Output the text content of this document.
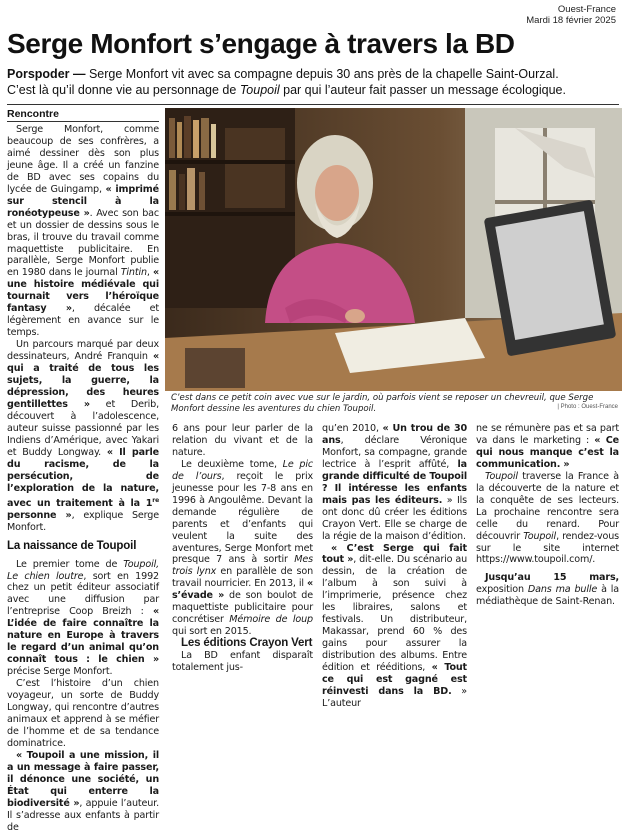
Ouest-France
Mardi 18 février 2025
Serge Monfort s’engage à travers la BD
Porspoder — Serge Monfort vit avec sa compagne depuis 30 ans près de la chapelle Saint-Ourzal.
C’est là qu’il donne vie au personnage de Toupoil par qui l’auteur fait passer un message écologique.
Rencontre

Serge Monfort, comme beaucoup de ses confrères, a aimé dessiner dès son plus jeune âge. Il a créé un fanzine de BD avec ses copains du lycée de Guingamp, « imprimé sur stencil à la ronéotypeuse ». Avec son bac et un dossier de dessins sous le bras, il trouve du travail comme maquettiste publicitaire. En parallèle, Serge Monfort publie en 1980 dans le journal Tintin, « une histoire médiévale qui tournait vers l’héroïque fantasy », décalée et légèrement en avance sur le temps.

Un parcours marqué par deux dessinateurs, André Franquin « qui a traité de tous les sujets, la guerre, la dépression, des heures gentillettes » et Derib, découvert à l’adolescence, auteur suisse passionné par les Indiens d’Amérique, avec Yakari et Buddy Longway. « Il parle du racisme, de la persécution, de l’exploration de la nature, avec un traitement à la 1re personne », explique Serge Monfort.

La naissance de Toupoil

Le premier tome de Toupoil, Le chien loutre, sort en 1992 chez un petit éditeur associatif avec une diffusion par l’entreprise Coop Breizh : « L’idée de faire connaître la nature en Europe à travers le regard d’un animal qu’on connaît tous : le chien » précise Serge Monfort.

C’est l’histoire d’un chien voyageur, un sorte de Buddy Longway, qui rencontre d’autres animaux et apprend à se méfier de l’homme et de sa tendance dominatrice.

« Toupoil a une mission, il a un message à faire passer, il dénonce une société, un État qui enterre la biodiversité », appuie l’auteur. Il s’adresse aux enfants à partir de

C’est dans ce petit coin avec vue sur le jardin, où parfois vient se reposer un chevreuil, que Serge Monfort dessine les aventures du chien Toupoil.	| Photo : Ouest-France

6 ans pour leur parler de la relation du vivant et de la nature.

Le deuxième tome, Le pic de l’ours, reçoit le prix jeunesse pour les 7-8 ans en 1996 à Angoulême. Devant la demande régulière de parents et d’enfants qui veulent la suite des aventures, Serge Monfort met presque 7 ans à sortir Mes trois lynx en parallèle de son travail nourricier. En 2013, il « s’évade » de son boulot de maquettiste publicitaire pour concrétiser Mémoire de loup qui sort en 2015.

Les éditions Crayon Vert

La BD enfant disparaît totalement jus-

qu’en 2010, « Un trou de 30 ans, déclare Véronique Monfort, sa compagne, grande lectrice à l’esprit affûté, la grande difficulté de Toupoil ? Il intéresse les enfants mais pas les éditeurs. » Ils ont donc dû créer les éditions Crayon Vert. Elle se charge de la régie de la maison d’édition.

« C’est Serge qui fait tout », dit-elle. Du scénario au dessin, de la création de l’album à son suivi à l’imprimerie, présence chez les libraires, salons et festivals. Un distributeur, Makassar, prend 60 % des gains pour assurer la distribution des albums. Entre édition et rééditions, « Tout ce qui est gagné est réinvesti dans la BD. » L’auteur

ne se rémunère pas et sa part va dans le marketing : « Ce qui nous manque c’est la communication. »

Toupoil traverse la France à la découverte de la nature et la conquête de ses lecteurs. La prochaine rencontre sera celle du renard. Pour découvrir Toupoil, rendez-vous sur le site internet https://www.toupoil.com/.

Jusqu’au 15 mars, exposition Dans ma bulle à la médiathèque de Saint-Renan.
